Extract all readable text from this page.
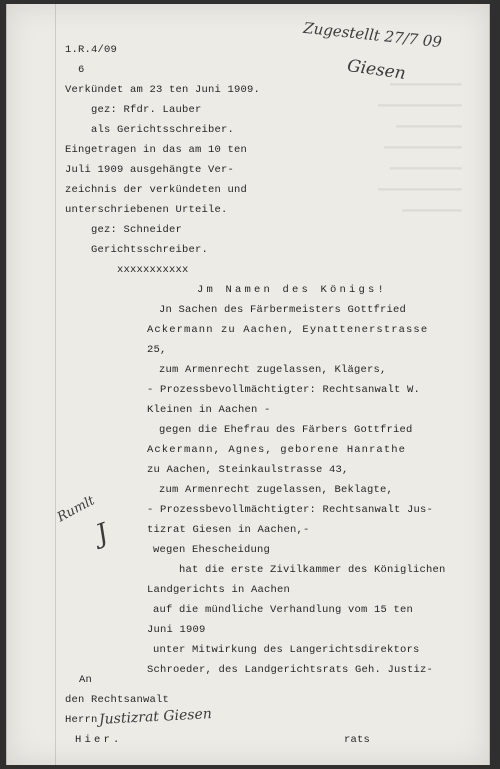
▬▬▬▬▬▬▬▬▬▬▬▬
▬▬▬▬▬▬▬▬▬▬▬▬▬▬
▬▬▬▬▬▬▬▬▬▬▬
▬▬▬▬▬▬▬▬▬▬▬▬▬
▬▬▬▬▬▬▬▬▬▬▬▬
▬▬▬▬▬▬▬▬▬▬▬▬▬▬
▬▬▬▬▬▬▬▬▬▬
1.R.4/09
6
Zugestellt 27/7 09
Giesen
Verkündet am 23 ten Juni 1909.
gez: Rfdr. Lauber
als Gerichtsschreiber.
Eingetragen in das am 10 ten
Juli 1909 ausgehängte Ver-
zeichnis der verkündeten und
unterschriebenen Urteile.
gez: Schneider
Gerichtsschreiber.
xxxxxxxxxxx
Jm Namen des Königs!
Jn Sachen des Färbermeisters Gottfried
Ackermann zu Aachen, Eynattenerstrasse
25,
zum Armenrecht zugelassen, Klägers,
- Prozessbevollmächtigter: Rechtsanwalt W.
Kleinen in Aachen -
gegen die Ehefrau des Färbers Gottfried
Ackermann, Agnes, geborene Hanrathe
zu Aachen, Steinkaulstrasse 43,
zum Armenrecht zugelassen, Beklagte,
- Prozessbevollmächtigter: Rechtsanwalt Jus-
tizrat Giesen in Aachen,-
wegen Ehescheidung
hat die erste Zivilkammer des Königlichen
Landgerichts in Aachen
auf die mündliche Verhandlung vom 15 ten
Juni 1909
unter Mitwirkung des Langerichtsdirektors
Schroeder, des Landgerichtsrats Geh. Justiz-
Rumlt
J
An
den Rechtsanwalt
Herrn Justizrat Giesen
Hier.	rats
